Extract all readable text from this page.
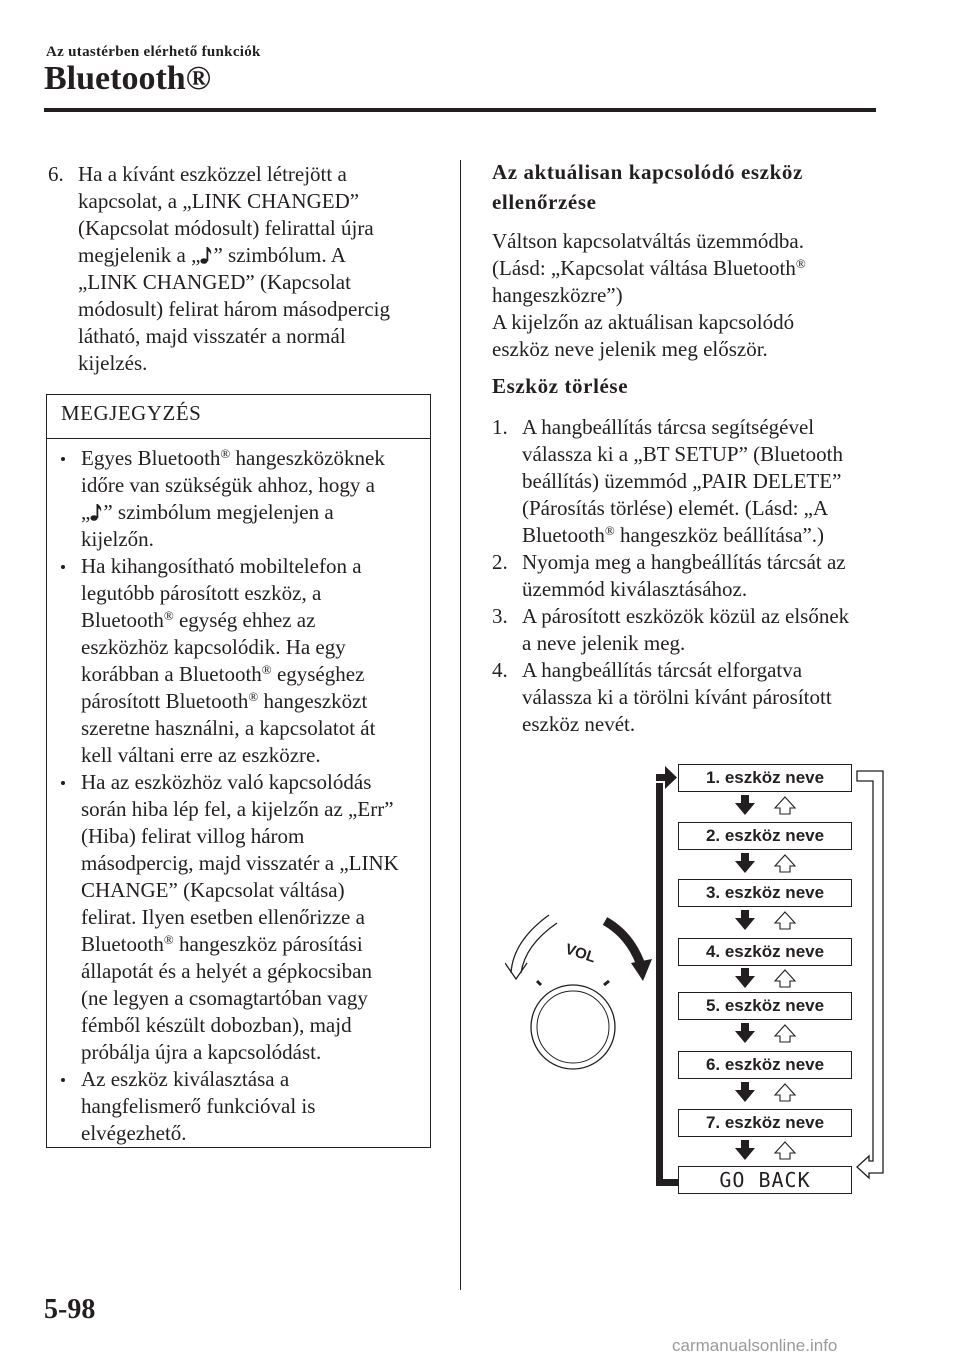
Az utastérben elérhető funkciók
Bluetooth®
6. Ha a kívánt eszközzel létrejött a
kapcsolat, a „LINK CHANGED”
(Kapcsolat módosult) felirattal újra
megjelenik a „ ” szimbólum. A
„LINK CHANGED” (Kapcsolat
módosult) felirat három másodpercig
látható, majd visszatér a normál
kijelzés.
MEGJEGYZÉS
Egyes Bluetooth® hangeszközöknek
időre van szükségük ahhoz, hogy a
„ ” szimbólum megjelenjen a
kijelzőn.
Ha kihangosítható mobiltelefon a
legutóbb párosított eszköz, a
Bluetooth® egység ehhez az
eszközhöz kapcsolódik. Ha egy
korábban a Bluetooth® egységhez
párosított Bluetooth® hangeszközt
szeretne használni, a kapcsolatot át
kell váltani erre az eszközre.
Ha az eszközhöz való kapcsolódás
során hiba lép fel, a kijelzőn az „Err”
(Hiba) felirat villog három
másodpercig, majd visszatér a „LINK
CHANGE” (Kapcsolat váltása)
felirat. Ilyen esetben ellenőrizze a
Bluetooth® hangeszköz párosítási
állapotát és a helyét a gépkocsiban
(ne legyen a csomagtartóban vagy
fémből készült dobozban), majd
próbálja újra a kapcsolódást.
Az eszköz kiválasztása a
hangfelismerő funkcióval is
elvégezhető.
Az aktuálisan kapcsolódó eszköz
ellenőrzése
Váltson kapcsolatváltás üzemmódba.
(Lásd: „Kapcsolat váltása Bluetooth®
hangeszközre”)
A kijelzőn az aktuálisan kapcsolódó
eszköz neve jelenik meg először.
Eszköz törlése
1. A hangbeállítás tárcsa segítségével
válassza ki a „BT SETUP” (Bluetooth
beállítás) üzemmód „PAIR DELETE”
(Párosítás törlése) elemét. (Lásd: „A
Bluetooth® hangeszköz beállítása”.)
2. Nyomja meg a hangbeállítás tárcsát az
üzemmód kiválasztásához.
3. A párosított eszközök közül az elsőnek
a neve jelenik meg.
4. A hangbeállítás tárcsát elforgatva
válassza ki a törölni kívánt párosított
eszköz nevét.
VOL
1. eszköz neve
2. eszköz neve
3. eszköz neve
4. eszköz neve
5. eszköz neve
6. eszköz neve
7. eszköz neve
GO BACK
5-98
carmanualsonline.info
